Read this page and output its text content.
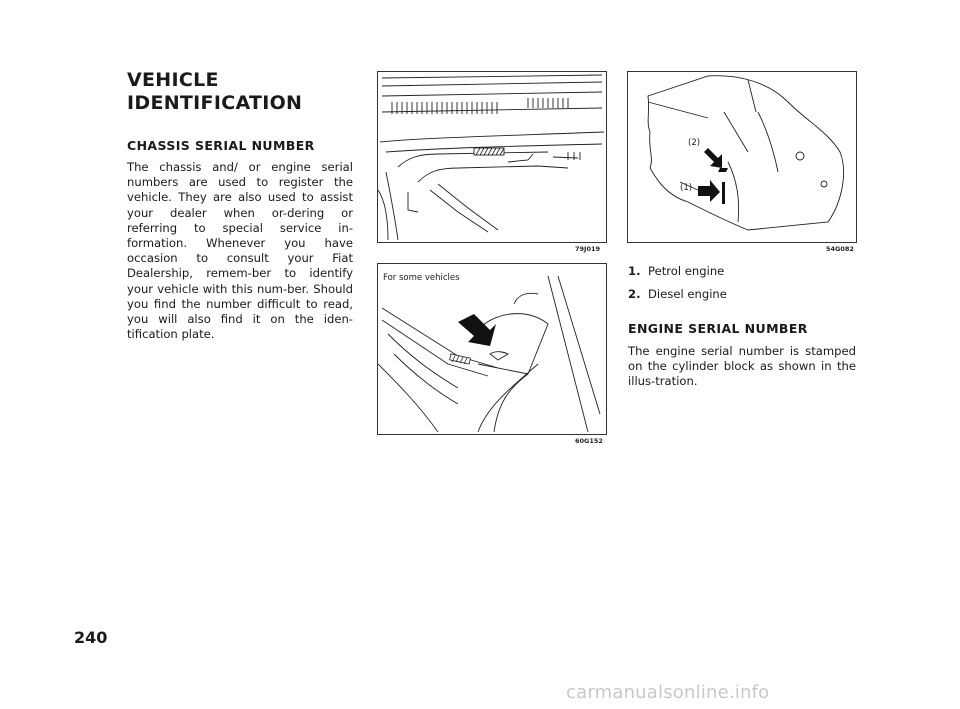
VEHICLE
IDENTIFICATION
CHASSIS SERIAL NUMBER

The chassis and/ or engine serial numbers are used to register the vehicle. They are also used to assist your dealer when or-dering or referring to special service in-formation. Whenever you have occasion to consult your Fiat Dealership, remem-ber to identify your vehicle with this num-ber. Should you find the number difficult to read, you will also find it on the iden-tification plate.

79J019
For some vehicles
60G152
(2)
(1)
54G082
1. Petrol engine
2. Diesel engine
ENGINE SERIAL NUMBER

The engine serial number is stamped on the cylinder block as shown in the illus-tration.

240
carmanualsonline.info
